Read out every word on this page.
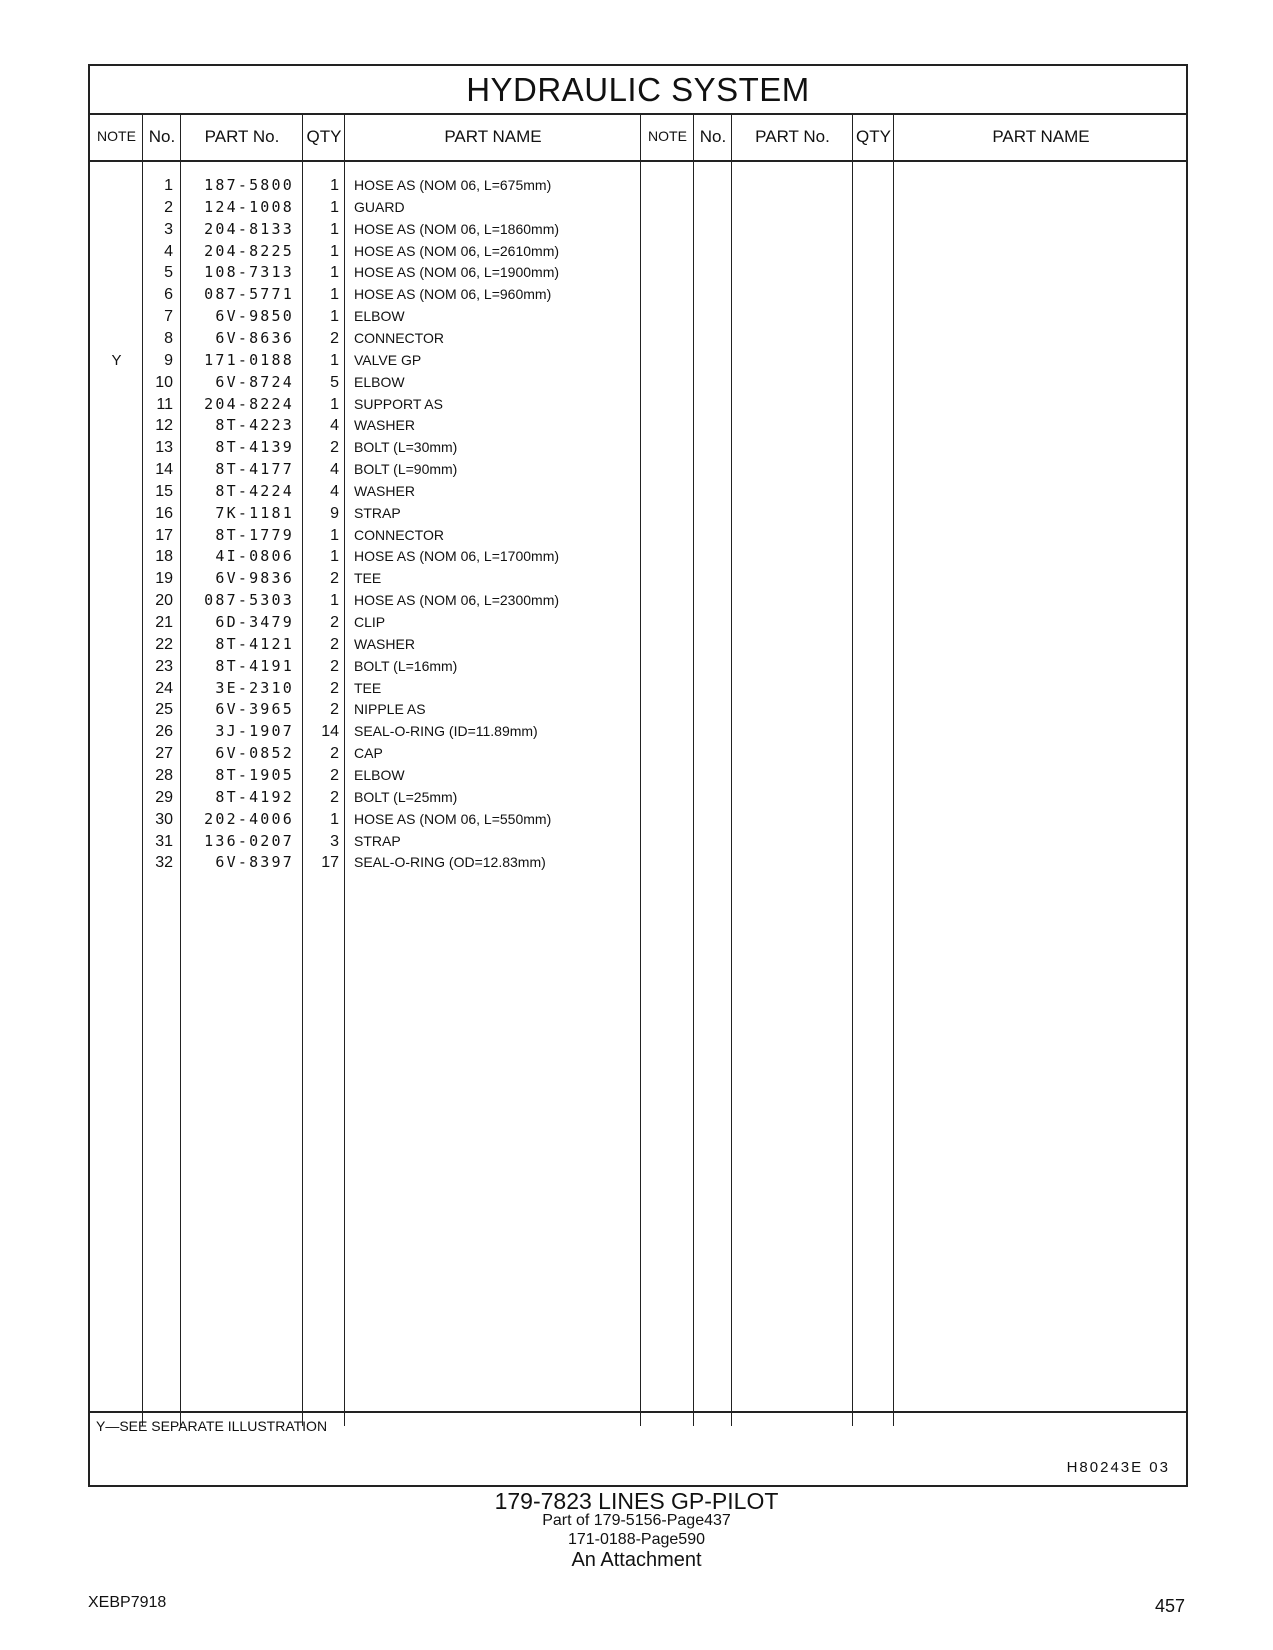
HYDRAULIC SYSTEM
NOTE No.	PART No.	QTY	PART NAME	NOTE No.	PART No.	QTY	PART NAME
1	187-5800	1 HOSE AS (NOM 06, L=675mm)
2	124-1008	1 GUARD
3	204-8133	1 HOSE AS (NOM 06, L=1860mm)
4	204-8225	1 HOSE AS (NOM 06, L=2610mm)
5	108-7313	1 HOSE AS (NOM 06, L=1900mm)
6	087-5771	1 HOSE AS (NOM 06, L=960mm)
7	6V-9850	1 ELBOW
8	6V-8636	2 CONNECTOR
Y	9	171-0188	1 VALVE GP
10	6V-8724	5 ELBOW
11	204-8224	1 SUPPORT AS
12	8T-4223	4 WASHER
13	8T-4139	2 BOLT (L=30mm)
14	8T-4177	4 BOLT (L=90mm)
15	8T-4224	4 WASHER
16	7K-1181	9 STRAP
17	8T-1779	1 CONNECTOR
18	4I-0806	1 HOSE AS (NOM 06, L=1700mm)
19	6V-9836	2 TEE
20	087-5303	1 HOSE AS (NOM 06, L=2300mm)
21	6D-3479	2 CLIP
22	8T-4121	2 WASHER
23	8T-4191	2 BOLT (L=16mm)
24	3E-2310	2 TEE
25	6V-3965	2 NIPPLE AS
26	3J-1907	14 SEAL-O-RING (ID=11.89mm)
27	6V-0852	2 CAP
28	8T-1905	2 ELBOW
29	8T-4192	2 BOLT (L=25mm)
30	202-4006	1 HOSE AS (NOM 06, L=550mm)
31	136-0207	3 STRAP
32	6V-8397	17 SEAL-O-RING (OD=12.83mm)
Y—SEE SEPARATE ILLUSTRATION
H80243E 03
179-7823 LINES GP-PILOT
Part of 179-5156-Page437
171-0188-Page590
An Attachment
XEBP7918	457
